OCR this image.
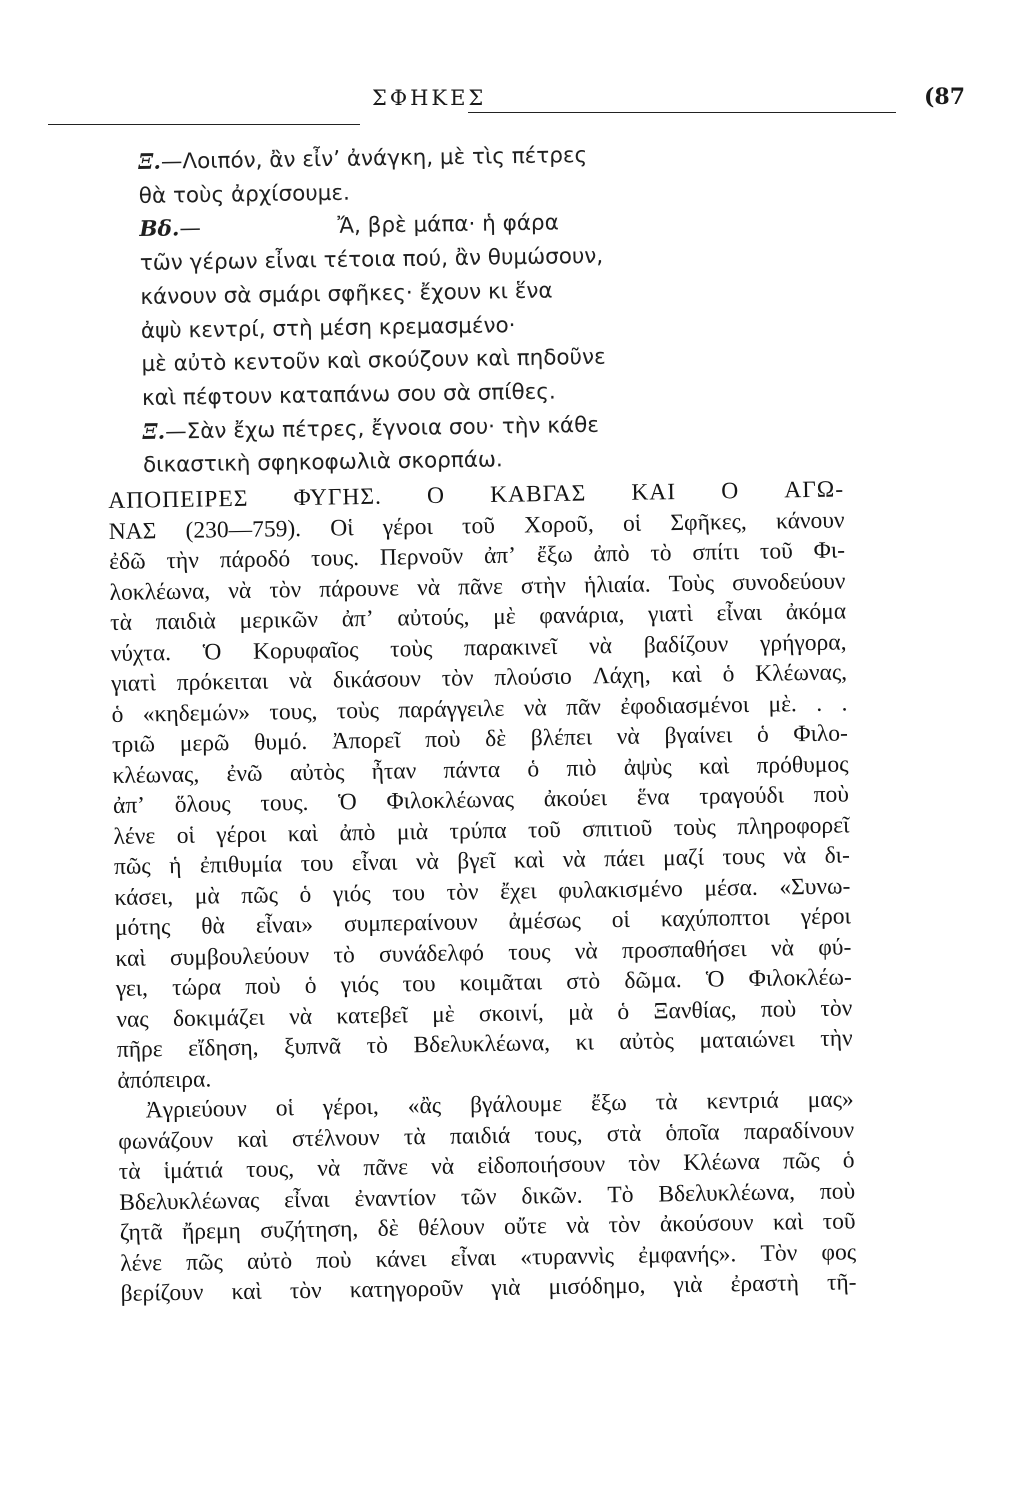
ΣΦΗΚΕΣ	(87
Ξ.—Λοιπόν, ἂν εἶν’ ἀνάγκη, μὲ τὶς πέτρες
θὰ τοὺς ἀρχίσουμε.
Βδ.—                    Ἄ, βρὲ μάπα· ἡ φάρα
τῶν γέρων εἶναι τέτοια πού, ἂν θυμώσουν,
κάνουν σὰ σμάρι σφῆκες· ἔχουν κι ἕνα
ἀψὺ κεντρί, στὴ μέση κρεμασμένο·
μὲ αὐτὸ κεντοῦν καὶ σκούζουν καὶ πηδοῦνε
καὶ πέφτουν καταπάνω σου σὰ σπίθες.
Ξ.—Σὰν ἔχω πέτρες, ἔγνοια σου· τὴν κάθε
δικαστικὴ σφηκοφωλιὰ σκορπάω.
ΑΠΟΠΕΙΡΕΣ ΦΥΓΗΣ. Ο ΚΑΒΓΑΣ ΚΑΙ Ο ΑΓΩ-
ΝΑΣ (230—759). Οἱ γέροι τοῦ Χοροῦ, οἱ Σφῆκες, κάνουν
ἐδῶ τὴν πάροδό τους. Περνοῦν ἀπ’ ἔξω ἀπὸ τὸ σπίτι τοῦ Φι-
λοκλέωνα, νὰ τὸν πάρουνε νὰ πᾶνε στὴν ἡλιαία. Τοὺς συνοδεύουν
τὰ παιδιὰ μερικῶν ἀπ’ αὐτούς, μὲ φανάρια, γιατὶ εἶναι ἀκόμα
νύχτα. Ὁ Κορυφαῖος τοὺς παρακινεῖ νὰ βαδίζουν γρήγορα,
γιατὶ πρόκειται νὰ δικάσουν τὸν πλούσιο Λάχη, καὶ ὁ Κλέωνας,
ὁ «κηδεμών» τους, τοὺς παράγγειλε νὰ πᾶν ἐφοδιασμένοι μὲ. . .
τριῶ μερῶ θυμό. Ἀπορεῖ ποὺ δὲ βλέπει νὰ βγαίνει ὁ Φιλο-
κλέωνας, ἐνῶ αὐτὸς ἦταν πάντα ὁ πιὸ ἀψὺς καὶ πρόθυμος
ἀπ’ ὅλους τους. Ὁ Φιλοκλέωνας ἀκούει ἕνα τραγούδι ποὺ
λένε οἱ γέροι καὶ ἀπὸ μιὰ τρύπα τοῦ σπιτιοῦ τοὺς πληροφορεῖ
πῶς ἡ ἐπιθυμία του εἶναι νὰ βγεῖ καὶ νὰ πάει μαζί τους νὰ δι-
κάσει, μὰ πῶς ὁ γιός του τὸν ἔχει φυλακισμένο μέσα. «Συνω-
μότης θὰ εἶναι» συμπεραίνουν ἀμέσως οἱ καχύποπτοι γέροι
καὶ συμβουλεύουν τὸ συνάδελφό τους νὰ προσπαθήσει νὰ φύ-
γει, τώρα ποὺ ὁ γιός του κοιμᾶται στὸ δῶμα. Ὁ Φιλοκλέω-
νας δοκιμάζει νὰ κατεβεῖ μὲ σκοινί, μὰ ὁ Ξανθίας, ποὺ τὸν
πῆρε εἴδηση, ξυπνᾶ τὸ Βδελυκλέωνα, κι αὐτὸς ματαιώνει τὴν
ἀπόπειρα.
Ἀγριεύουν οἱ γέροι, «ἂς βγάλουμε ἔξω τὰ κεντριά μας»
φωνάζουν καὶ στέλνουν τὰ παιδιά τους, στὰ ὁποῖα παραδίνουν
τὰ ἱμάτιά τους, νὰ πᾶνε νὰ εἰδοποιήσουν τὸν Κλέωνα πῶς ὁ
Βδελυκλέωνας εἶναι ἐναντίον τῶν δικῶν. Τὸ Βδελυκλέωνα, ποὺ
ζητᾶ ἤρεμη συζήτηση, δὲ θέλουν οὔτε νὰ τὸν ἀκούσουν καὶ τοῦ
λένε πῶς αὐτὸ ποὺ κάνει εἶναι «τυραννὶς ἐμφανής». Τὸν φος
βερίζουν καὶ τὸν κατηγοροῦν γιὰ μισόδημο, γιὰ ἐραστὴ τῆ-
